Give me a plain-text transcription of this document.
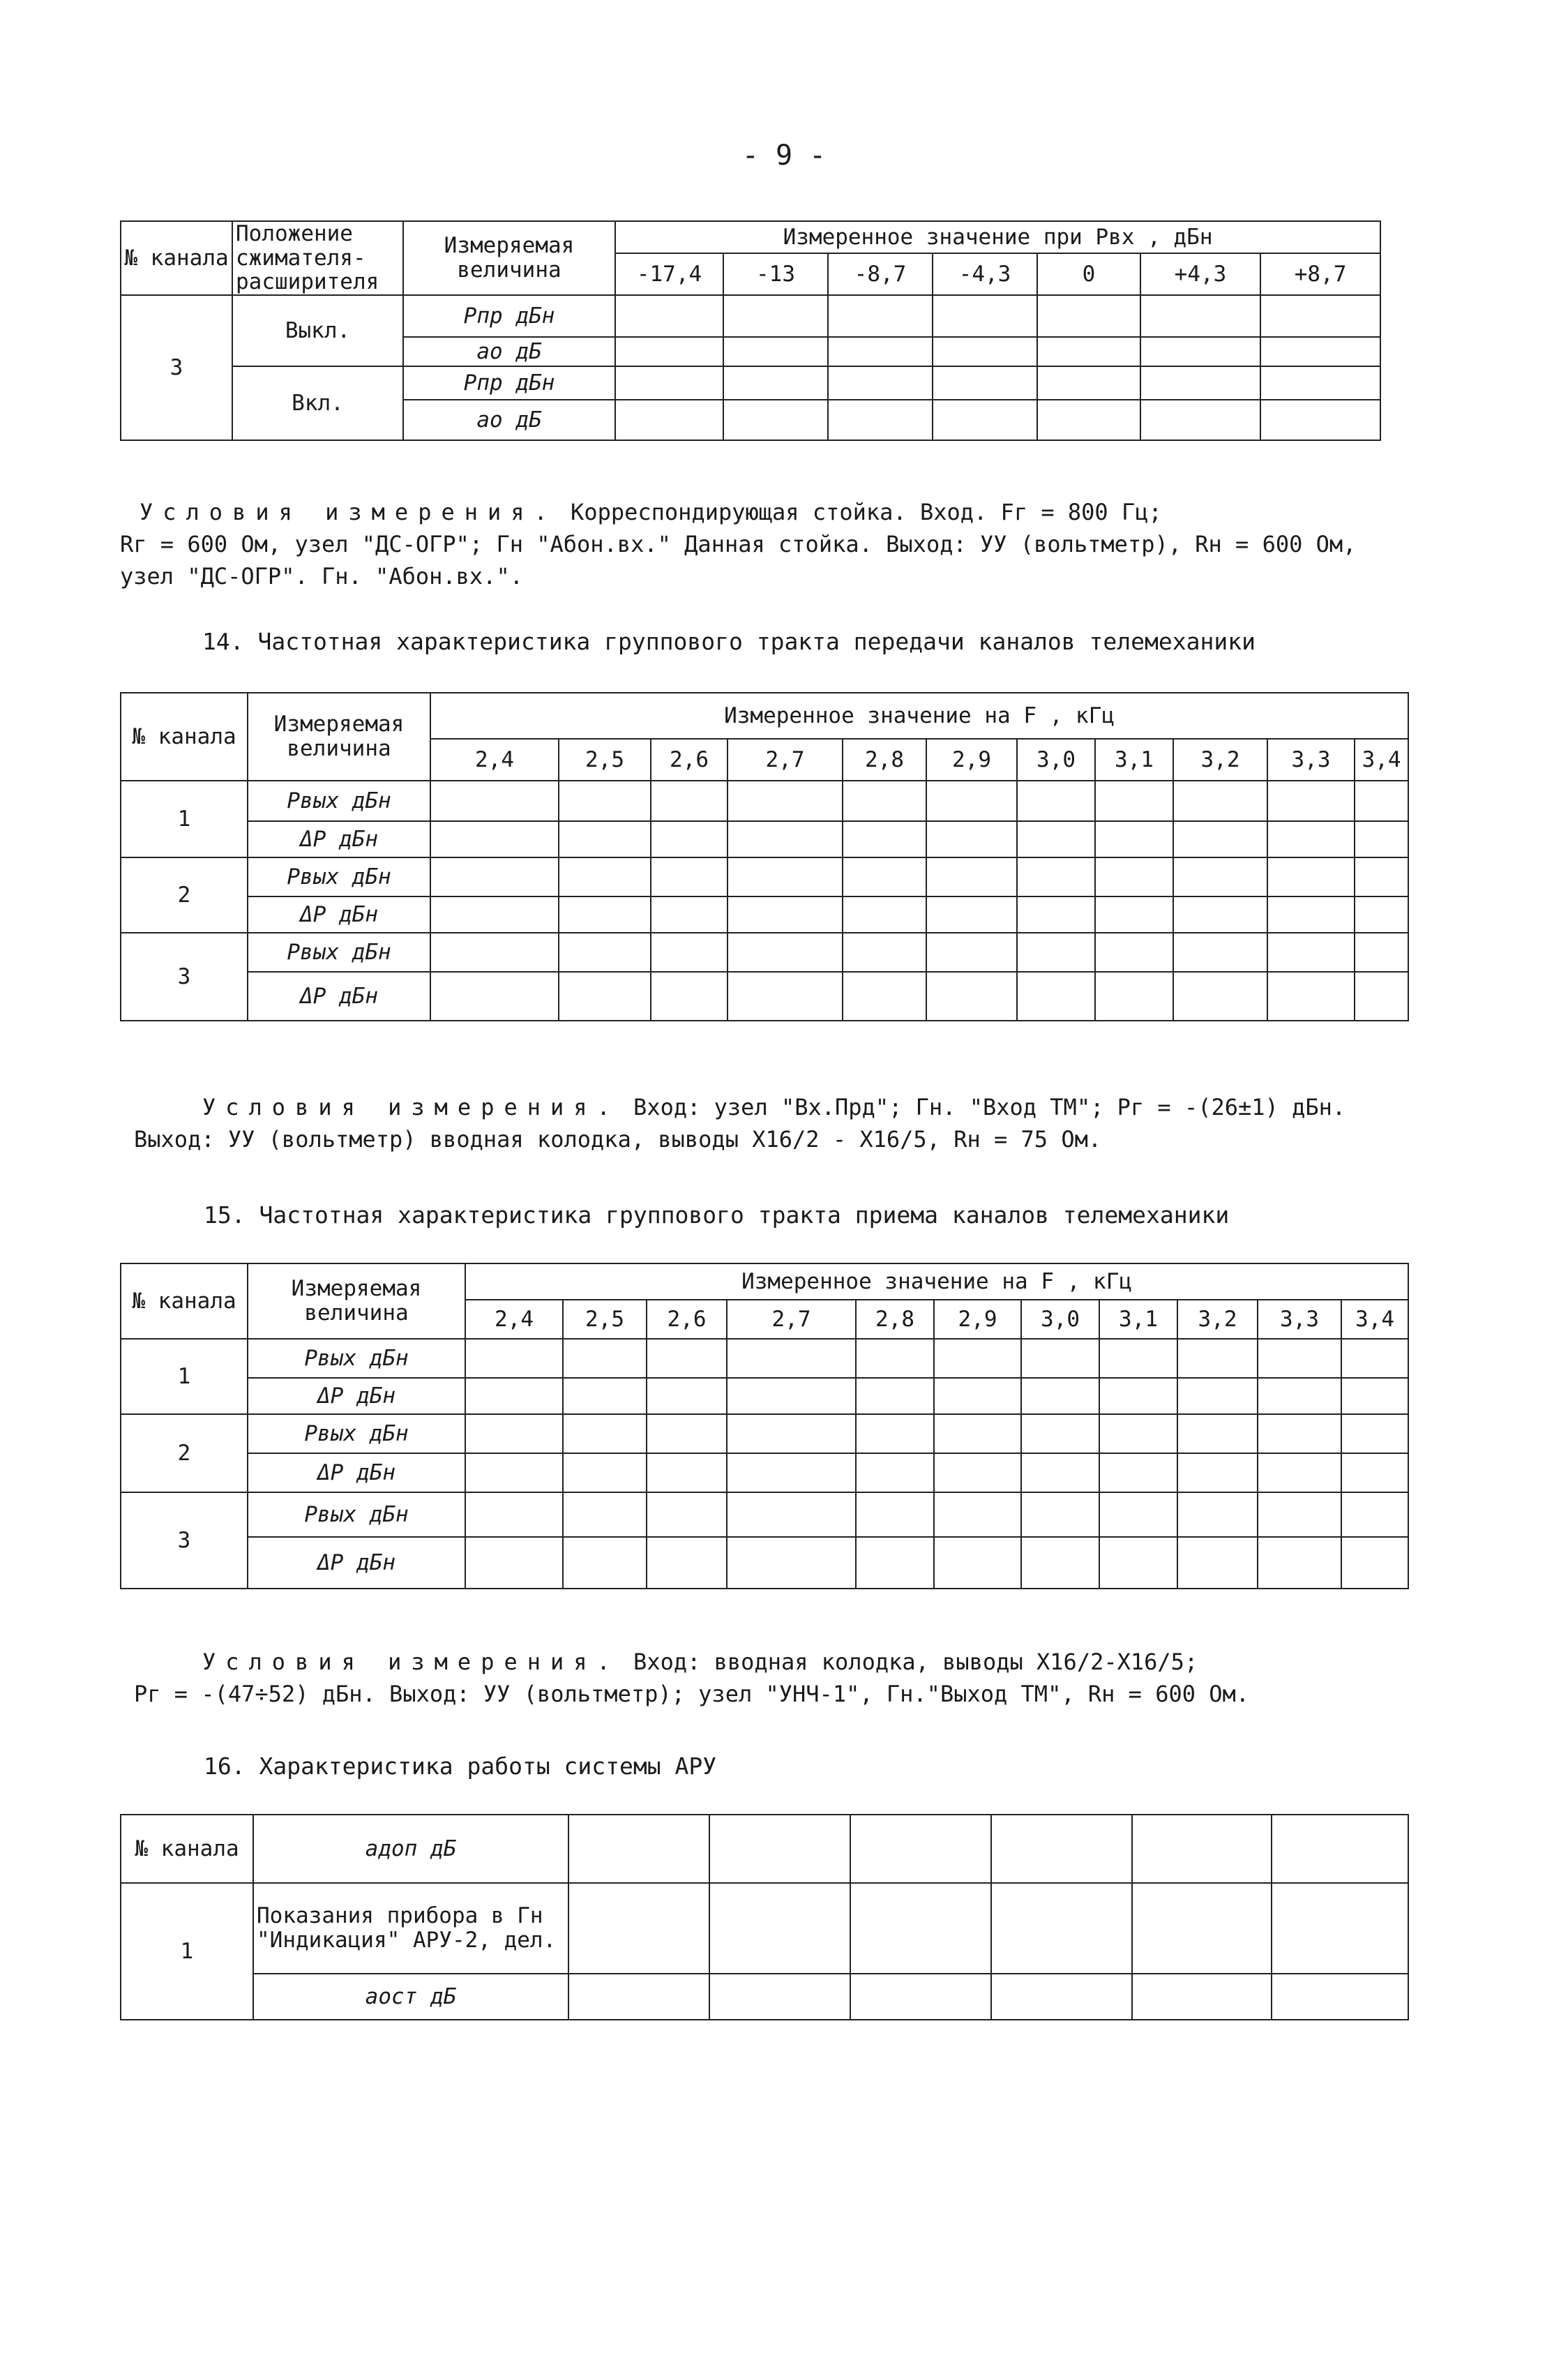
- 9 -
№ канала	Положение сжимателя-расширителя	Измеряемая величина	Измеренное значение при Pвх , дБн						
			-17,4	-13	-8,7	-4,3	0	+4,3	+8,7
3	Выкл.	Pпр дБн							
		ao дБ							
	Вкл.	Pпр дБн							
		ao дБ							
Условия измерения. Корреспондирующая стойка. Вход. Fг = 800 Гц;
Rг = 600 Ом, узел "ДС-ОГР"; Гн "Абон.вх." Данная стойка. Выход: УУ (вольтметр), Rн = 600 Ом,
узел "ДС-ОГР". Гн. "Абон.вх.".
14. Частотная характеристика группового тракта передачи каналов телемеханики
№ канала	Измеряемая величина	Измеренное значение на F , кГц										
		2,4	2,5	2,6	2,7	2,8	2,9	3,0	3,1	3,2	3,3	3,4
1	Pвых дБн											
	ΔP дБн											
2	Pвых дБн											
	ΔP дБн											
3	Pвых дБн											
	ΔP дБн											
Условия измерения. Вход: узел "Вх.Прд"; Гн. "Вход ТМ"; Pг = -(26±1) дБн.
Выход: УУ (вольтметр) вводная колодка, выводы Х16/2 - Х16/5, Rн = 75 Ом.
15. Частотная характеристика группового тракта приема каналов телемеханики
№ канала	Измеряемая величина	Измеренное значение на F , кГц										
		2,4	2,5	2,6	2,7	2,8	2,9	3,0	3,1	3,2	3,3	3,4
1	Pвых дБн											
	ΔP дБн											
2	Pвых дБн											
	ΔP дБн											
3	Pвых дБн											
	ΔP дБн											
Условия измерения. Вход: вводная колодка, выводы Х16/2-Х16/5;
Pг = -(47÷52) дБн. Выход: УУ (вольтметр); узел "УНЧ-1", Гн."Выход ТМ", Rн = 600 Ом.
16. Характеристика работы системы АРУ
№ канала	aдоп дБ						
1	Показания прибора в Гн "Индикация" АРУ-2, дел.						
	aост дБ						
